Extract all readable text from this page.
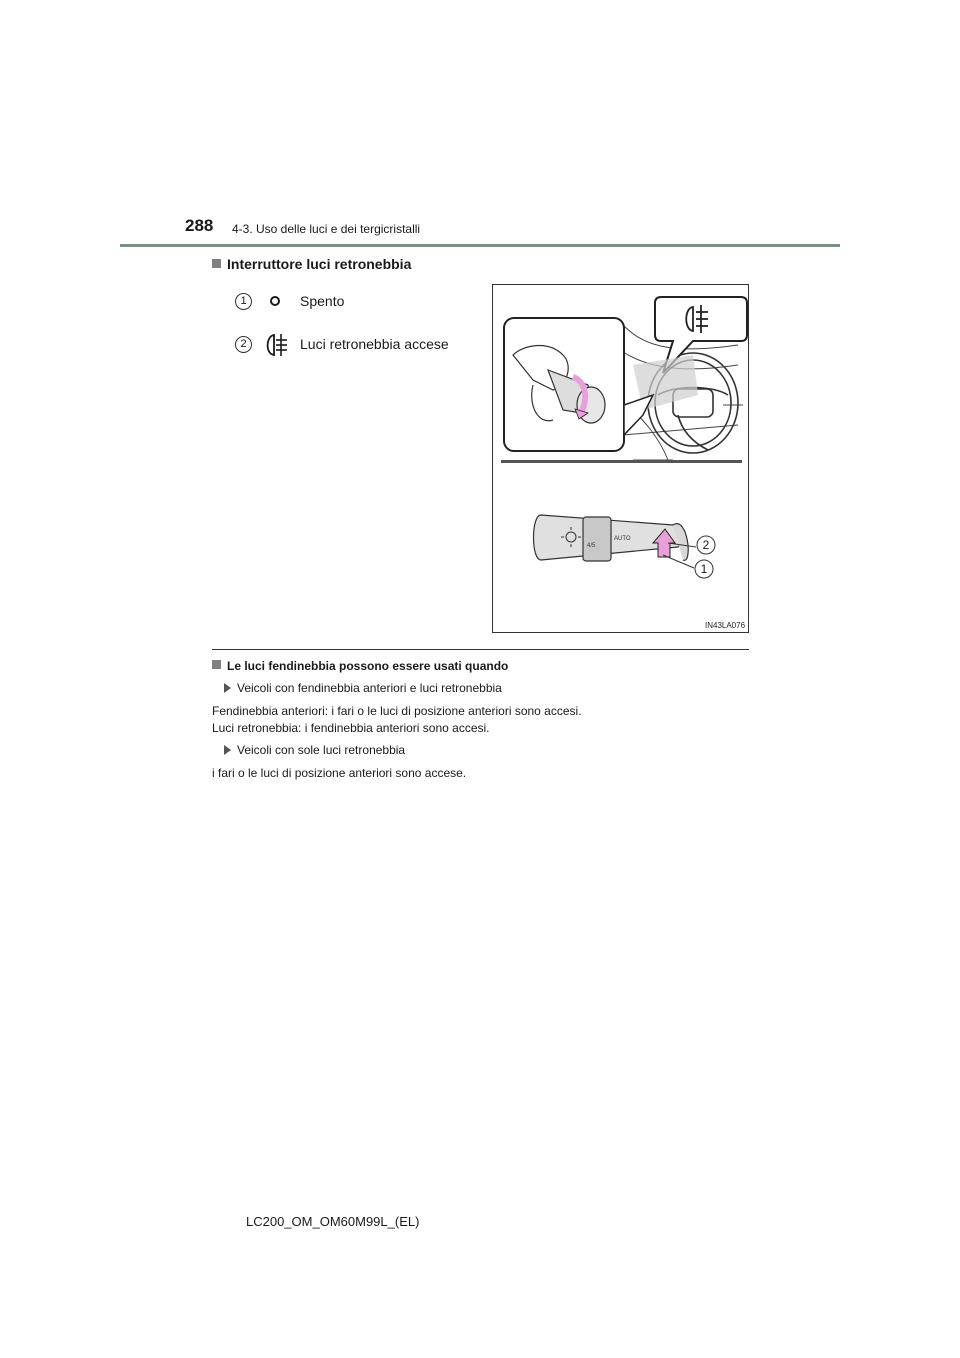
288 4-3. Uso delle luci e dei tergicristalli
Interruttore luci retronebbia
1	Spento
2	Luci retronebbia accese
4/5
AUTO	2
1
IN43LA076
Le luci fendinebbia possono essere usati quando
Veicoli con fendinebbia anteriori e luci retronebbia
Fendinebbia anteriori: i fari o le luci di posizione anteriori sono accesi.
Luci retronebbia: i fendinebbia anteriori sono accesi.
Veicoli con sole luci retronebbia
i fari o le luci di posizione anteriori sono accese.
LC200_OM_OM60M99L_(EL)
